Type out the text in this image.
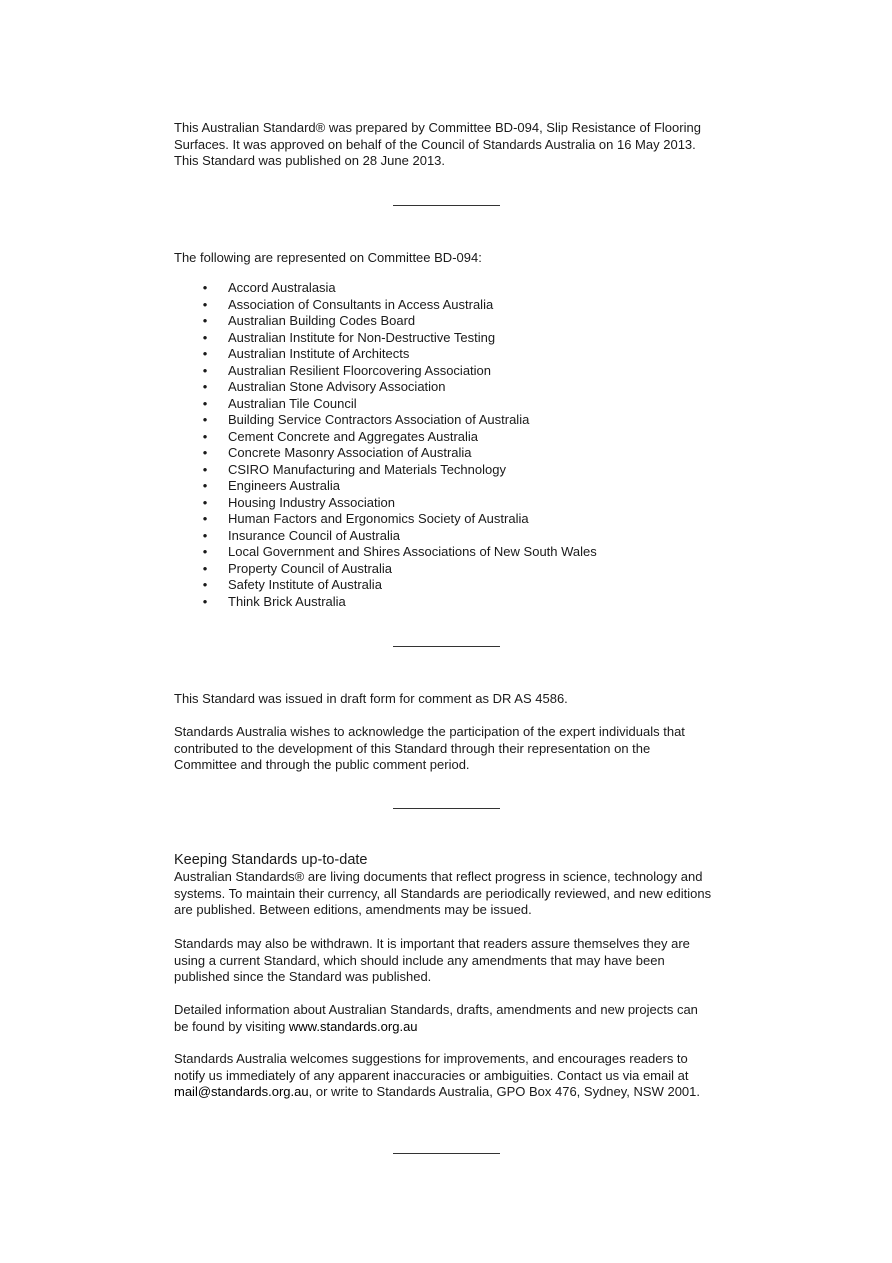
This Australian Standard® was prepared by Committee BD-094, Slip Resistance of Flooring

Surfaces. It was approved on behalf of the Council of Standards Australia on 16 May 2013.

This Standard was published on 28 June 2013.

The following are represented on Committee BD-094:

• Accord Australasia
• Association of Consultants in Access Australia
• Australian Building Codes Board
• Australian Institute for Non-Destructive Testing
• Australian Institute of Architects
• Australian Resilient Floorcovering Association
• Australian Stone Advisory Association
• Australian Tile Council
• Building Service Contractors Association of Australia
• Cement Concrete and Aggregates Australia
• Concrete Masonry Association of Australia
• CSIRO Manufacturing and Materials Technology
• Engineers Australia
• Housing Industry Association
• Human Factors and Ergonomics Society of Australia
• Insurance Council of Australia
• Local Government and Shires Associations of New South Wales
• Property Council of Australia
• Safety Institute of Australia
• Think Brick Australia

This Standard was issued in draft form for comment as DR AS 4586.

Standards Australia wishes to acknowledge the participation of the expert individuals that

contributed to the development of this Standard through their representation on the

Committee and through the public comment period.

Keeping Standards up-to-date

Australian Standards® are living documents that reflect progress in science, technology and

systems. To maintain their currency, all Standards are periodically reviewed, and new editions

are published. Between editions, amendments may be issued.

Standards may also be withdrawn. It is important that readers assure themselves they are

using a current Standard, which should include any amendments that may have been

published since the Standard was published.

Detailed information about Australian Standards, drafts, amendments and new projects can

be found by visiting www.standards.org.au

Standards Australia welcomes suggestions for improvements, and encourages readers to

notify us immediately of any apparent inaccuracies or ambiguities. Contact us via email at

mail@standards.org.au, or write to Standards Australia, GPO Box 476, Sydney, NSW 2001.
